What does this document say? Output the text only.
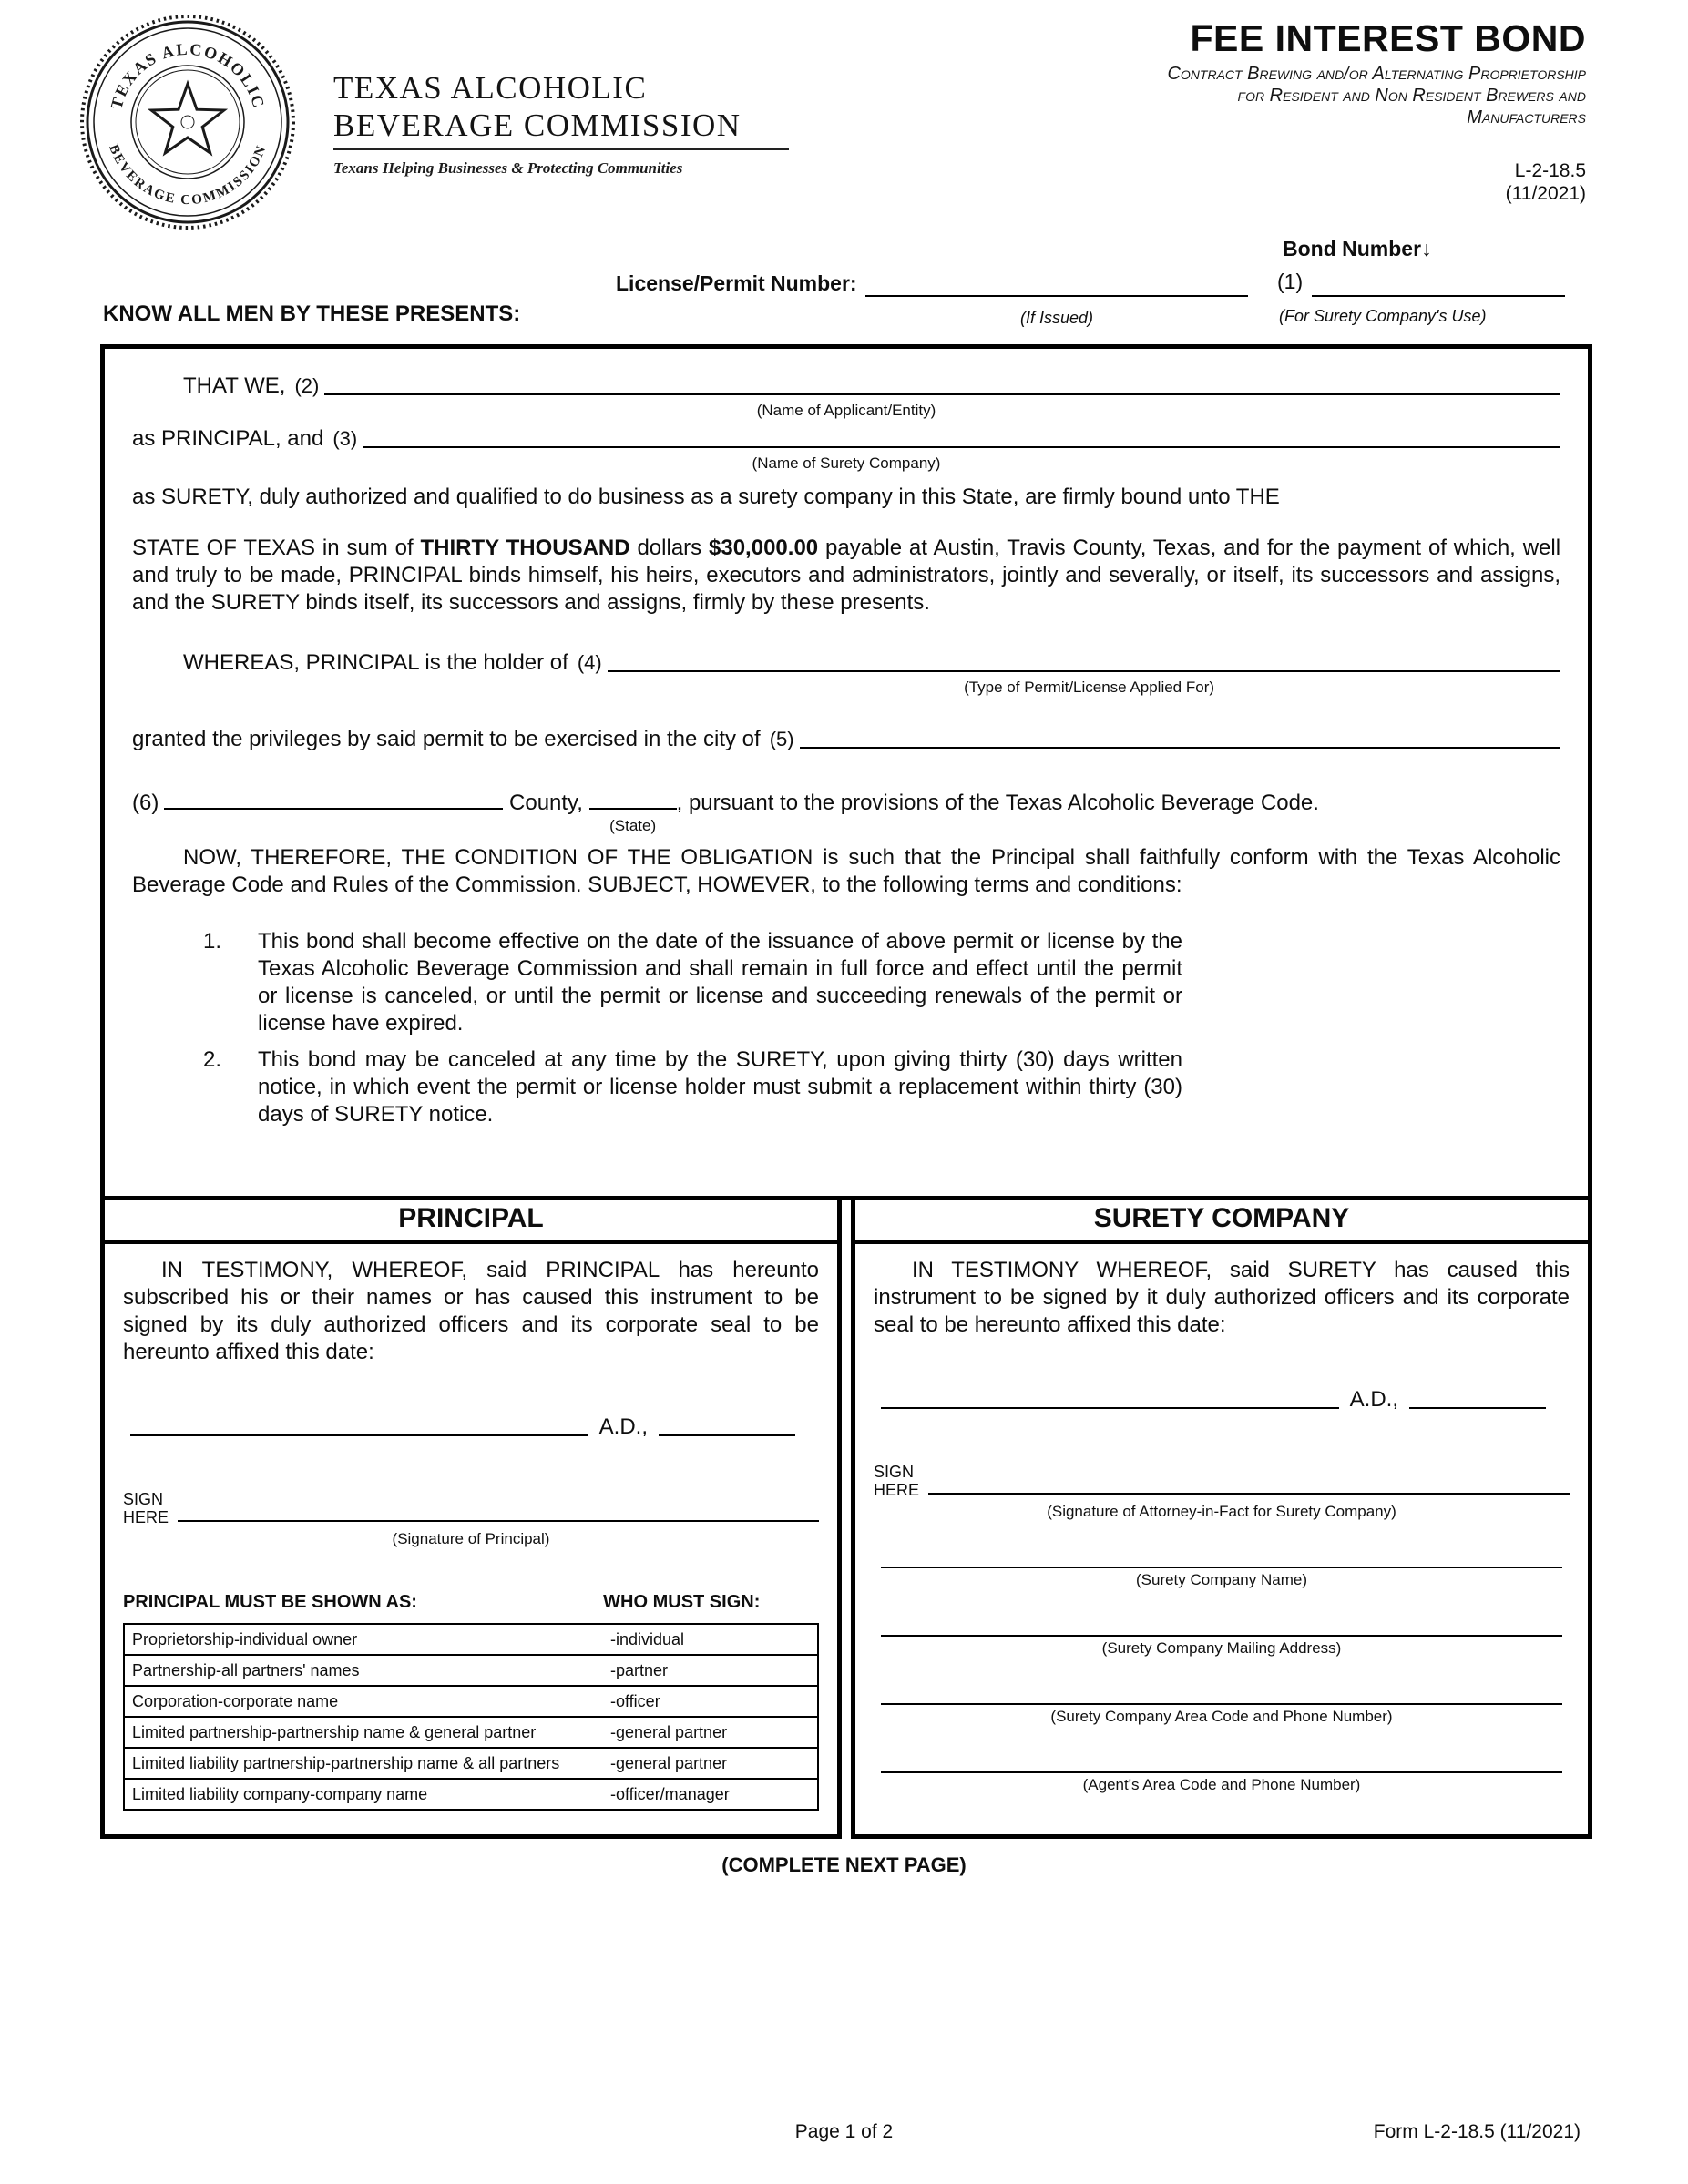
TEXAS ALCOHOLIC
BEVERAGE COMMISSION
TEXAS ALCOHOLIC
BEVERAGE COMMISSION
Texans Helping Businesses & Protecting Communities
FEE INTEREST BOND
Contract Brewing and/or Alternating Proprietorship
for Resident and Non Resident Brewers and
Manufacturers
L-2-18.5
(11/2021)
Bond Number↓
License/Permit Number:	(1)
KNOW ALL MEN BY THESE PRESENTS:	(If Issued)	(For Surety Company's Use)
THAT WE, (2)
(Name of Applicant/Entity)
as PRINCIPAL, and (3)
(Name of Surety Company)

as SURETY, duly authorized and qualified to do business as a surety company in this State, are firmly bound unto THE

STATE OF TEXAS in sum of THIRTY THOUSAND dollars $30,000.00 payable at Austin, Travis County, Texas, and for the payment of which, well and truly to be made, PRINCIPAL binds himself, his heirs, executors and administrators, jointly and severally, or itself, its successors and assigns, and the SURETY binds itself, its successors and assigns, firmly by these presents.

WHEREAS, PRINCIPAL is the holder of (4)
(Type of Permit/License Applied For)
granted the privileges by said permit to be exercised in the city of (5)
(6)	County,
(State)
, pursuant to the provisions of the Texas Alcoholic Beverage Code.

NOW, THEREFORE, THE CONDITION OF THE OBLIGATION is such that the Principal shall faithfully conform with the Texas Alcoholic Beverage Code and Rules of the Commission. SUBJECT, HOWEVER, to the following terms and conditions:

1.	This bond shall become effective on the date of the issuance of above permit or license by the Texas Alcoholic Beverage Commission and shall remain in full force and effect until the permit or license is canceled, or until the permit or license and succeeding renewals of the permit or license have expired.
2.	This bond may be canceled at any time by the SURETY, upon giving thirty (30) days written notice, in which event the permit or license holder must submit a replacement within thirty (30) days of SURETY notice.
PRINCIPAL

IN TESTIMONY, WHEREOF, said PRINCIPAL has hereunto subscribed his or their names or has caused this instrument to be signed by its duly authorized officers and its corporate seal to be hereunto affixed this date:

A.D.,
SIGN
HERE
(Signature of Principal)
PRINCIPAL MUST BE SHOWN AS:	WHO MUST SIGN:
Proprietorship-individual owner	-individual
Partnership-all partners' names	-partner
Corporation-corporate name	-officer
Limited partnership-partnership name & general partner	-general partner
Limited liability partnership-partnership name & all partners	-general partner
Limited liability company-company name	-officer/manager
SURETY COMPANY

IN TESTIMONY WHEREOF, said SURETY has caused this instrument to be signed by it duly authorized officers and its corporate seal to be hereunto affixed this date:

A.D.,
SIGN
HERE
(Signature of Attorney-in-Fact for Surety Company)
(Surety Company Name)
(Surety Company Mailing Address)
(Surety Company Area Code and Phone Number)
(Agent's Area Code and Phone Number)
(COMPLETE NEXT PAGE)
Page 1 of 2	Form L-2-18.5 (11/2021)
